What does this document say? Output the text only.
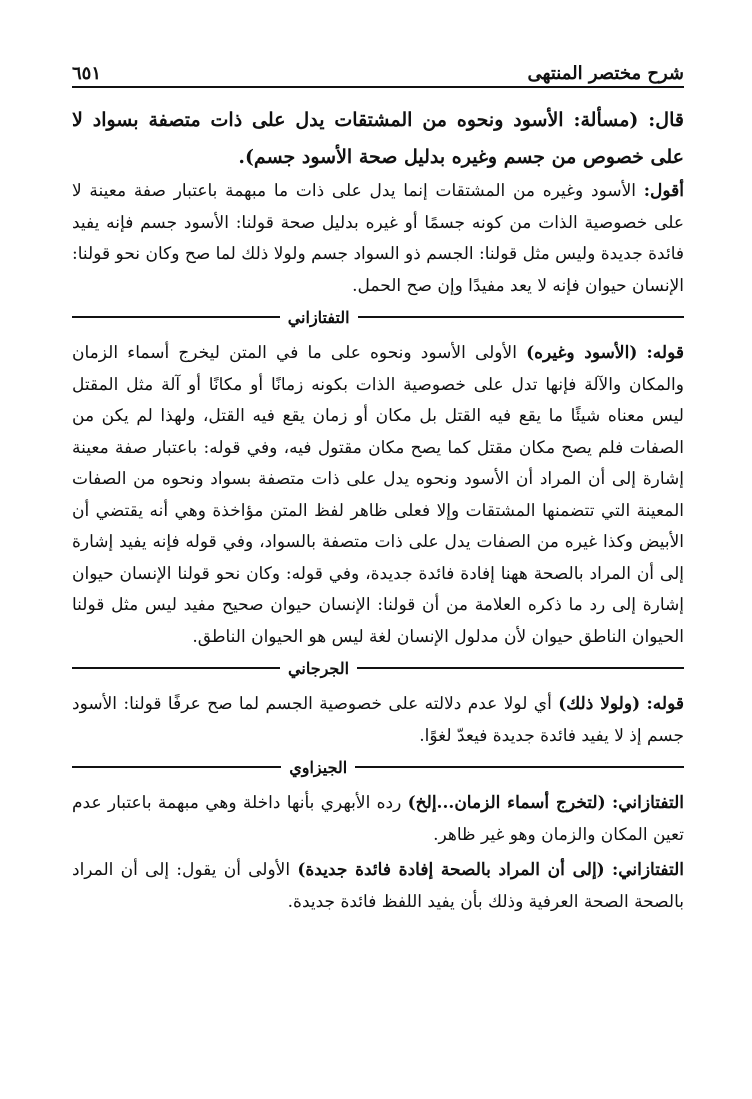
شرح مختصر المنتهى
٦٥١

قال: (مسألة: الأسود ونحوه من المشتقات يدل على ذات متصفة بسواد لا على خصوص من جسم وغيره بدليل صحة الأسود جسم).

أقول: الأسود وغيره من المشتقات إنما يدل على ذات ما مبهمة باعتبار صفة معينة لا على خصوصية الذات من كونه جسمًا أو غيره بدليل صحة قولنا: الأسود جسم فإنه يفيد فائدة جديدة وليس مثل قولنا: الجسم ذو السواد جسم ولولا ذلك لما صح وكان نحو قولنا: الإنسان حيوان فإنه لا يعد مفيدًا وإن صح الحمل.

التفتازاني

قوله: (الأسود وغيره) الأولى الأسود ونحوه على ما في المتن ليخرج أسماء الزمان والمكان والآلة فإنها تدل على خصوصية الذات بكونه زمانًا أو مكانًا أو آلة مثل المقتل ليس معناه شيئًا ما يقع فيه القتل بل مكان أو زمان يقع فيه القتل، ولهذا لم يكن من الصفات فلم يصح مكان مقتل كما يصح مكان مقتول فيه، وفي قوله: باعتبار صفة معينة إشارة إلى أن المراد أن الأسود ونحوه يدل على ذات متصفة بسواد ونحوه من الصفات المعينة التي تتضمنها المشتقات وإلا فعلى ظاهر لفظ المتن مؤاخذة وهي أنه يقتضي أن الأبيض وكذا غيره من الصفات يدل على ذات متصفة بالسواد، وفي قوله فإنه يفيد إشارة إلى أن المراد بالصحة ههنا إفادة فائدة جديدة، وفي قوله: وكان نحو قولنا الإنسان حيوان إشارة إلى رد ما ذكره العلامة من أن قولنا: الإنسان حيوان صحيح مفيد ليس مثل قولنا الحيوان الناطق حيوان لأن مدلول الإنسان لغة ليس هو الحيوان الناطق.

الجرجاني

قوله: (ولولا ذلك) أي لولا عدم دلالته على خصوصية الجسم لما صح عرفًا قولنا: الأسود جسم إذ لا يفيد فائدة جديدة فيعدّ لغوًا.

الجيزاوي

التفتازاني: (لتخرج أسماء الزمان...إلخ) رده الأبهري بأنها داخلة وهي مبهمة باعتبار عدم تعين المكان والزمان وهو غير ظاهر.

التفتازاني: (إلى أن المراد بالصحة إفادة فائدة جديدة) الأولى أن يقول: إلى أن المراد بالصحة الصحة العرفية وذلك بأن يفيد اللفظ فائدة جديدة.
